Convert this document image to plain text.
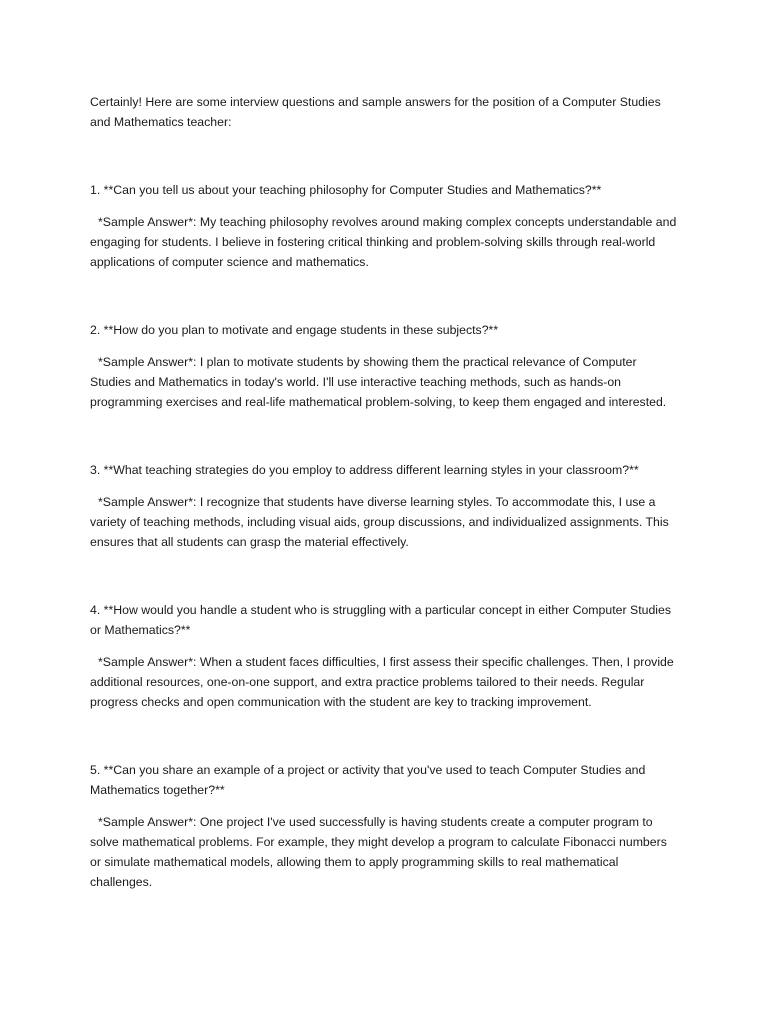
Certainly! Here are some interview questions and sample answers for the position of a Computer Studies and Mathematics teacher:

1. **Can you tell us about your teaching philosophy for Computer Studies and Mathematics?**

*Sample Answer*: My teaching philosophy revolves around making complex concepts understandable and engaging for students. I believe in fostering critical thinking and problem-solving skills through real-world applications of computer science and mathematics.

2. **How do you plan to motivate and engage students in these subjects?**

*Sample Answer*: I plan to motivate students by showing them the practical relevance of Computer Studies and Mathematics in today's world. I'll use interactive teaching methods, such as hands-on programming exercises and real-life mathematical problem-solving, to keep them engaged and interested.

3. **What teaching strategies do you employ to address different learning styles in your classroom?**

*Sample Answer*: I recognize that students have diverse learning styles. To accommodate this, I use a variety of teaching methods, including visual aids, group discussions, and individualized assignments. This ensures that all students can grasp the material effectively.

4. **How would you handle a student who is struggling with a particular concept in either Computer Studies or Mathematics?**

*Sample Answer*: When a student faces difficulties, I first assess their specific challenges. Then, I provide additional resources, one-on-one support, and extra practice problems tailored to their needs. Regular progress checks and open communication with the student are key to tracking improvement.

5. **Can you share an example of a project or activity that you've used to teach Computer Studies and Mathematics together?**

*Sample Answer*: One project I've used successfully is having students create a computer program to solve mathematical problems. For example, they might develop a program to calculate Fibonacci numbers or simulate mathematical models, allowing them to apply programming skills to real mathematical challenges.
